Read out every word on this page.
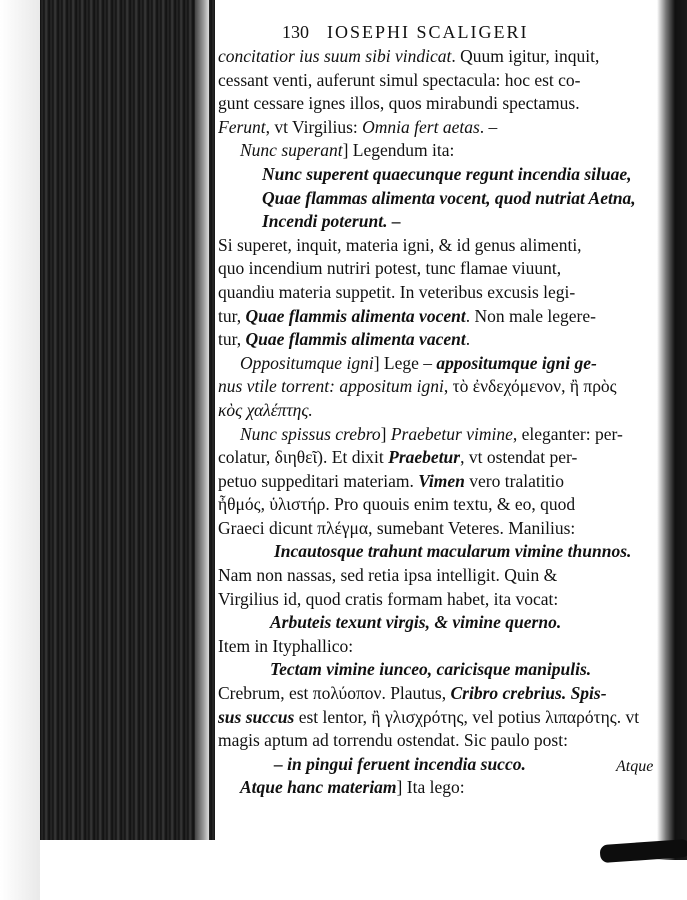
130 IOSEPHI SCALIGERI
concitatior ius suum sibi vindicat. Quum igitur, inquit,
cessant venti, auferunt simul spectacula: hoc est co-
gunt cessare ignes illos, quos mirabundi spectamus.
Ferunt, vt Virgilius: Omnia fert aetas. –
Nunc superant] Legendum ita:
Nunc superent quaecunque regunt incendia siluae,
Quae flammas alimenta vocent, quod nutriat Aetna,
Incendi poterunt. –
Si superet, inquit, materia igni, & id genus alimenti,
quo incendium nutriri potest, tunc flamae viuunt,
quandiu materia suppetit. In veteribus excusis legi-
tur, Quae flammis alimenta vocent. Non male legere-
tur, Quae flammis alimenta vacent.
Oppositumque igni] Lege – appositumque igni ge-
nus vtile torrent: appositum igni, τὸ ἐνδεχόμενον, ἢ πρὸς
κὸς χαλέπτης.
Nunc spissus crebro] Praebetur vimine, eleganter: per-
colatur, διηθεῖ). Et dixit Praebetur, vt ostendat per-
petuo suppeditari materiam. Vimen vero tralatitio
ἦθμός, ὑλιστήρ. Pro quouis enim textu, & eo, quod
Graeci dicunt πλέγμα, sumebant Veteres. Manilius:
Incautosque trahunt macularum vimine thunnos.
Nam non nassas, sed retia ipsa intelligit. Quin &
Virgilius id, quod cratis formam habet, ita vocat:
Arbuteis texunt virgis, & vimine querno.
Item in Ityphallico:
Tectam vimine iunceo, caricisque manipulis.
Crebrum, est πολύοπον. Plautus, Cribro crebrius. Spis-
sus succus est lentor, ἢ γλισχρότης, vel potius λιπαρότης. vt
magis aptum ad torrendu ostendat. Sic paulo post:
– in pingui feruent incendia succo.
Atque hanc materiam] Ita lego:
Atque
